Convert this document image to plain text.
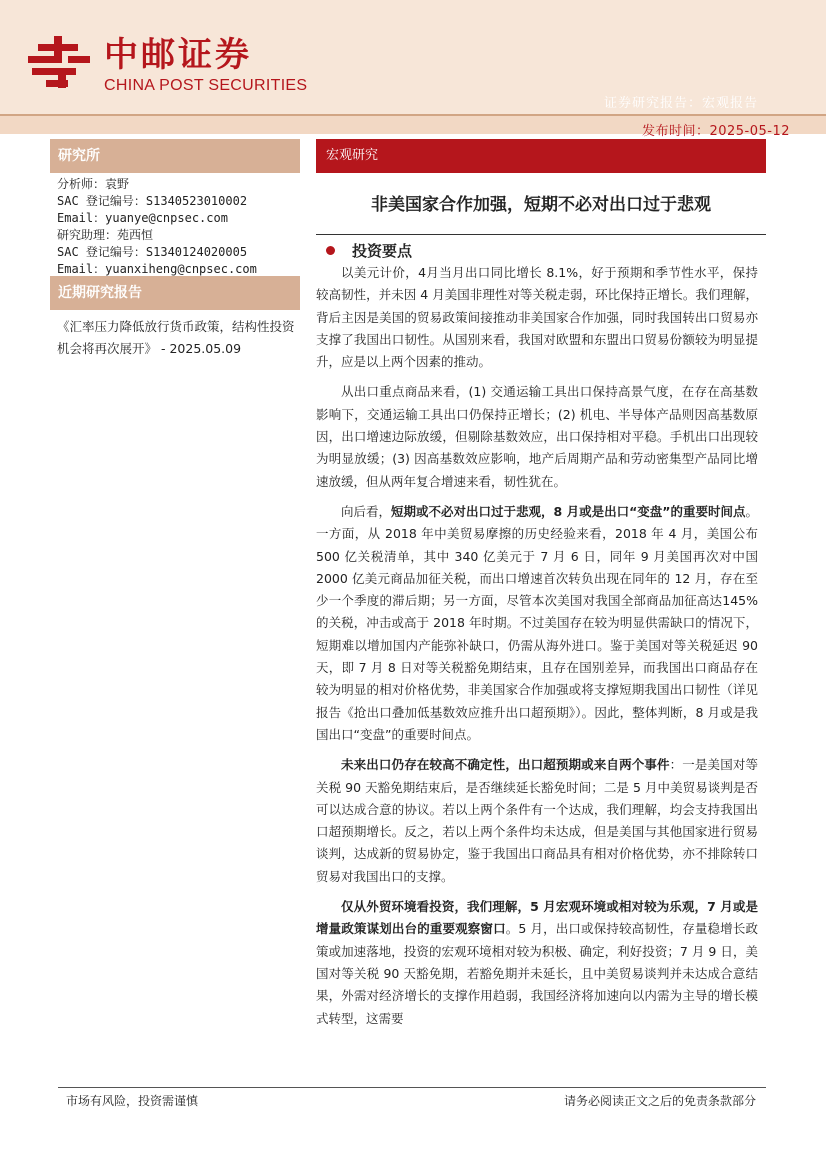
中邮证券
CHINA POST SECURITIES
证券研究报告：宏观报告
发布时间：2025-05-12
研究所
分析师：袁野
SAC 登记编号：S1340523010002
Email：yuanye@cnpsec.com
研究助理：苑西恒
SAC 登记编号：S1340124020005
Email：yuanxiheng@cnpsec.com
近期研究报告
《汇率压力降低放行货币政策，结构性投资机会将再次展开》 - 2025.05.09
宏观研究
非美国家合作加强，短期不必对出口过于悲观
投资要点

以美元计价，4月当月出口同比增长 8.1%，好于预期和季节性水平，保持较高韧性，并未因 4 月美国非理性对等关税走弱，环比保持正增长。我们理解，背后主因是美国的贸易政策间接推动非美国家合作加强，同时我国转出口贸易亦支撑了我国出口韧性。从国别来看，我国对欧盟和东盟出口贸易份额较为明显提升，应是以上两个因素的推动。

从出口重点商品来看，(1) 交通运输工具出口保持高景气度，在存在高基数影响下，交通运输工具出口仍保持正增长；(2) 机电、半导体产品则因高基数原因，出口增速边际放缓，但剔除基数效应，出口保持相对平稳。手机出口出现较为明显放缓；(3) 因高基数效应影响，地产后周期产品和劳动密集型产品同比增速放缓，但从两年复合增速来看，韧性犹在。

向后看，短期或不必对出口过于悲观，8 月或是出口“变盘”的重要时间点。一方面，从 2018 年中美贸易摩擦的历史经验来看，2018 年 4 月，美国公布 500 亿关税清单，其中 340 亿美元于 7 月 6 日，同年 9 月美国再次对中国 2000 亿美元商品加征关税，而出口增速首次转负出现在同年的 12 月，存在至少一个季度的滞后期；另一方面，尽管本次美国对我国全部商品加征高达145%的关税，冲击或高于 2018 年时期。不过美国存在较为明显供需缺口的情况下，短期难以增加国内产能弥补缺口，仍需从海外进口。鉴于美国对等关税延迟 90 天，即 7 月 8 日对等关税豁免期结束，且存在国别差异，而我国出口商品存在较为明显的相对价格优势，非美国家合作加强或将支撑短期我国出口韧性（详见报告《抢出口叠加低基数效应推升出口超预期》）。因此，整体判断，8 月或是我国出口“变盘”的重要时间点。

未来出口仍存在较高不确定性，出口超预期或来自两个事件：一是美国对等关税 90 天豁免期结束后，是否继续延长豁免时间；二是 5 月中美贸易谈判是否可以达成合意的协议。若以上两个条件有一个达成，我们理解，均会支持我国出口超预期增长。反之，若以上两个条件均未达成，但是美国与其他国家进行贸易谈判，达成新的贸易协定，鉴于我国出口商品具有相对价格优势，亦不排除转口贸易对我国出口的支撑。

仅从外贸环境看投资，我们理解，5 月宏观环境或相对较为乐观，7 月或是增量政策谋划出台的重要观察窗口。5 月，出口或保持较高韧性，存量稳增长政策或加速落地，投资的宏观环境相对较为积极、确定，利好投资；7 月 9 日，美国对等关税 90 天豁免期，若豁免期并未延长，且中美贸易谈判并未达成合意结果，外需对经济增长的支撑作用趋弱，我国经济将加速向以内需为主导的增长模式转型，这需要

市场有风险，投资需谨慎	请务必阅读正文之后的免责条款部分
